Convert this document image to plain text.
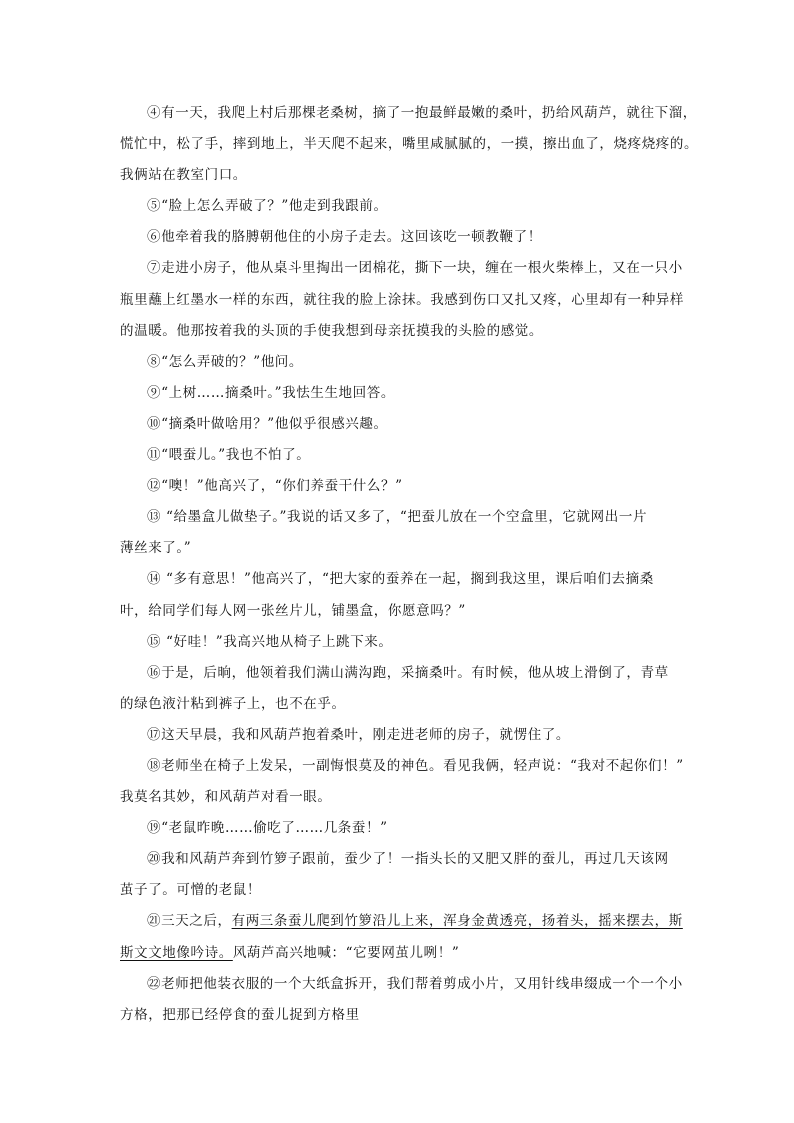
④有一天，我爬上村后那棵老桑树，摘了一抱最鲜最嫩的桑叶，扔给风葫芦，就往下溜，
慌忙中，松了手，摔到地上，半天爬不起来，嘴里咸腻腻的，一摸，擦出血了，烧疼烧疼的。
我俩站在教室门口。
⑤“脸上怎么弄破了？”他走到我跟前。
⑥他牵着我的胳膊朝他住的小房子走去。这回该吃一顿教鞭了！
⑦走进小房子，他从桌斗里掏出一团棉花，撕下一块，缠在一根火柴棒上，又在一只小
瓶里蘸上红墨水一样的东西，就往我的脸上涂抹。我感到伤口又扎又疼，心里却有一种异样
的温暖。他那按着我的头顶的手使我想到母亲抚摸我的头脸的感觉。
⑧“怎么弄破的？”他问。
⑨“上树……摘桑叶。”我怯生生地回答。
⑩“摘桑叶做啥用？”他似乎很感兴趣。
⑪“喂蚕儿。”我也不怕了。
⑫“噢！”他高兴了，“你们养蚕干什么？”
⑬ “给墨盒儿做垫子。”我说的话又多了，“把蚕儿放在一个空盒里，它就网出一片
薄丝来了。”
⑭ “多有意思！”他高兴了，“把大家的蚕养在一起，搁到我这里，课后咱们去摘桑
叶，给同学们每人网一张丝片儿，铺墨盒，你愿意吗？”
⑮ “好哇！”我高兴地从椅子上跳下来。
⑯于是，后晌，他领着我们满山满沟跑，采摘桑叶。有时候，他从坡上滑倒了，青草
的绿色液汁粘到裤子上，也不在乎。
⑰这天早晨，我和风葫芦抱着桑叶，刚走进老师的房子，就愣住了。
⑱老师坐在椅子上发呆，一副悔恨莫及的神色。看见我俩，轻声说：“我对不起你们！”
我莫名其妙，和风葫芦对看一眼。
⑲“老鼠昨晚……偷吃了……几条蚕！”
⑳我和风葫芦奔到竹箩子跟前，蚕少了！一指头长的又肥又胖的蚕儿，再过几天该网
茧子了。可憎的老鼠！
㉑三天之后，有两三条蚕儿爬到竹箩沿儿上来，浑身金黄透亮，扬着头，摇来摆去，斯
斯文文地像吟诗。风葫芦高兴地喊：“它要网茧儿咧！”
㉒老师把他装衣服的一个大纸盒拆开，我们帮着剪成小片，又用针线串缀成一个一个小
方格，把那已经停食的蚕儿捉到方格里
